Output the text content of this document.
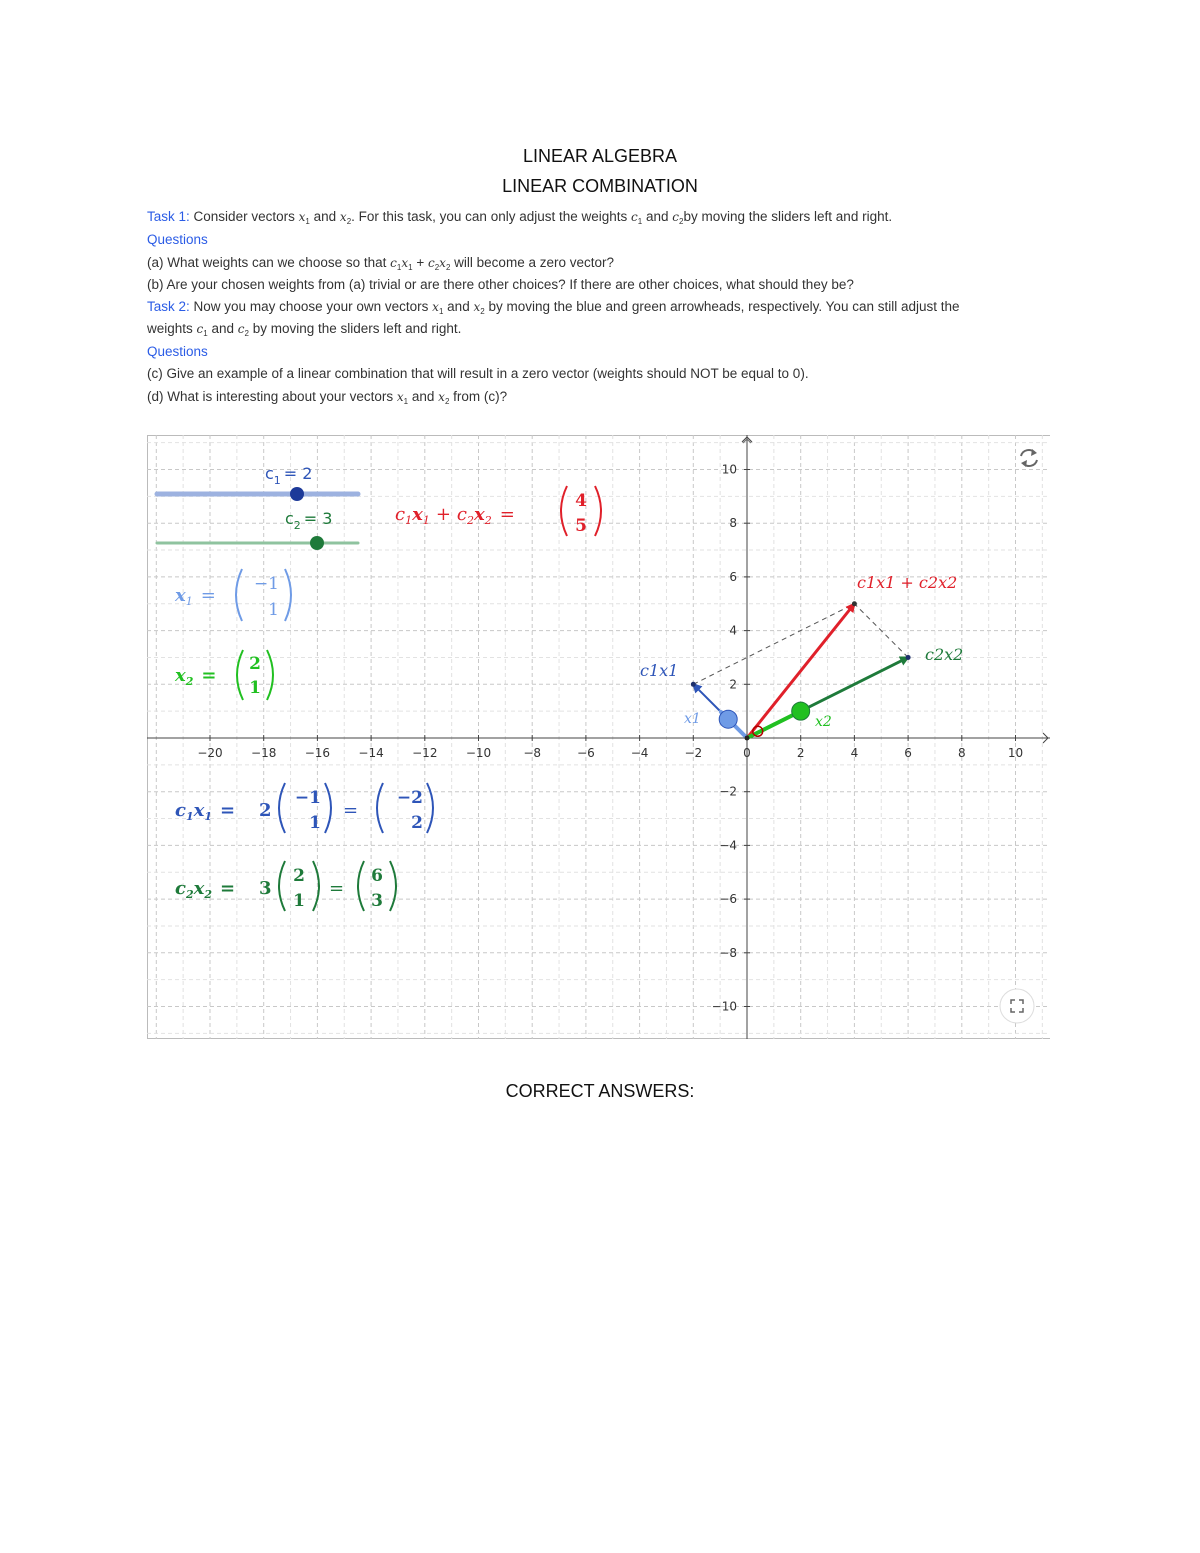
LINEAR ALGEBRA
LINEAR COMBINATION
Task 1: Consider vectors $x_1$ and $x_2$. For this task, you can only adjust the weights $c_1$ and $c_2by$ moving the sliders left and right.
Questions
(a) What weights can we choose so that $c_1x_1 + c_2x_2$ will become a zero vector?
(b) Are your chosen weights from (a) trivial or are there other choices? If there are other choices, what should they be?
Task 2: Now you may choose your own vectors $x_1$ and $x_2$ by moving the blue and green arrowheads, respectively. You can still adjust the
weights $c_1$ and $c_2$ by moving the sliders left and right.
Questions
(c) Give an example of a linear combination that will result in a zero vector (weights should NOT be equal to 0).
(d) What is interesting about your vectors $x_1$ and $x_2$ from (c)?
−20 −18 −16 −14 −12 −10	−8	−6	−4	−2	0	2	4	6	8	10
10
8
6
4
2
−2
−4
−6
−8
−10
$c_1 = 2$
$c_2 = 3$	$c_1x_1 + c_2x_2$ =
4
5
$x_1$ =
−1
1
$x_2$ =
2
1
$c_1x_1 = 2$
−1
1
=
−2
2
$c_2x_2 = 3$
2
1
=
6
3
c1x1 + c2x2
c2x2
c1x1
x1	x2
CORRECT ANSWERS:
